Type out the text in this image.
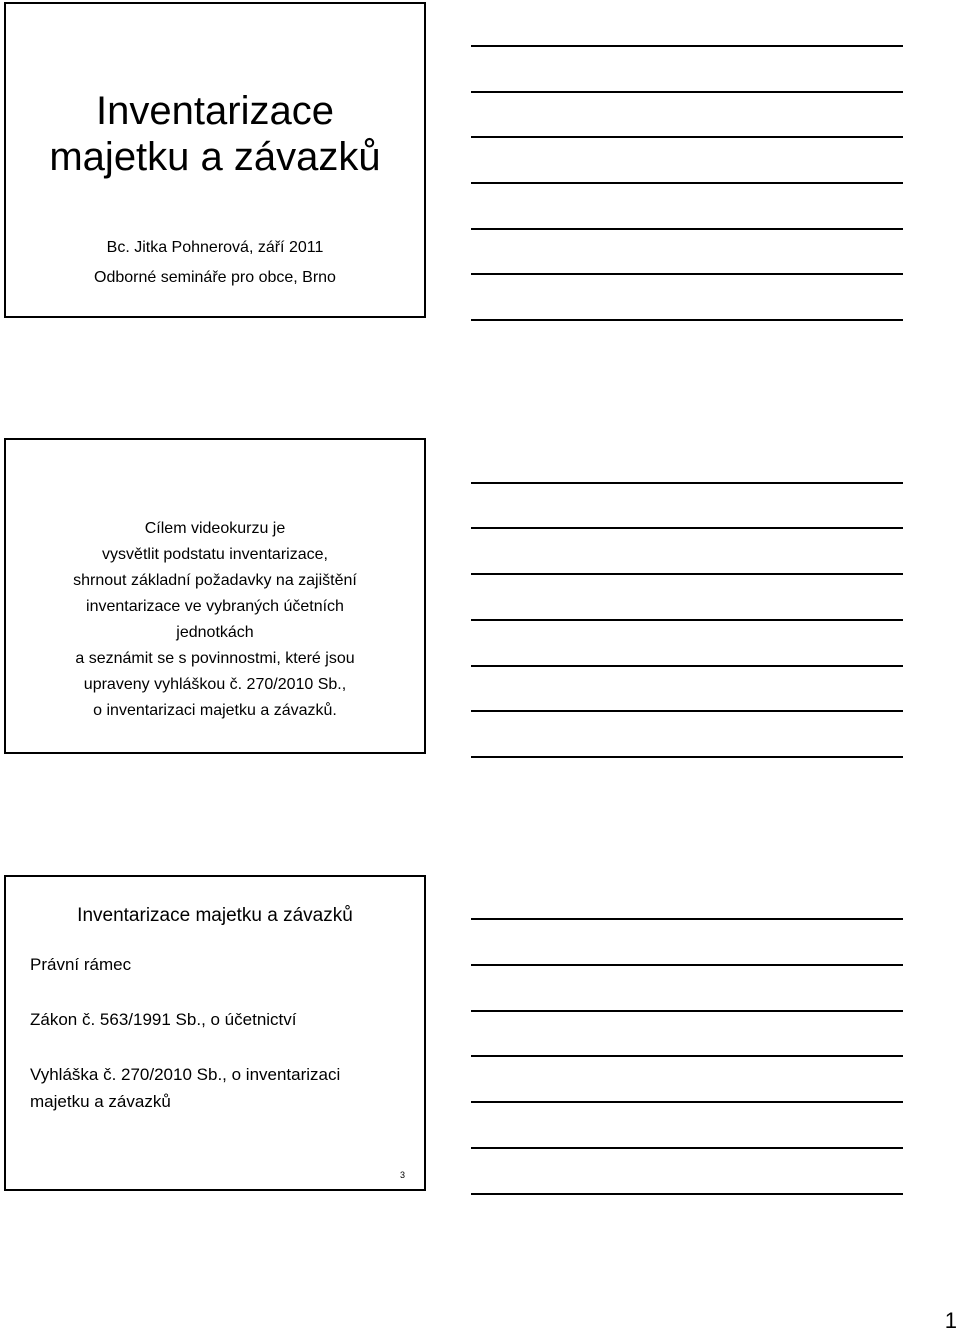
Inventarizace
majetku a závazků
Bc. Jitka Pohnerová, září 2011
Odborné semináře pro obce, Brno
Cílem videokurzu je
vysvětlit podstatu inventarizace,
shrnout základní požadavky na zajištění
inventarizace ve vybraných účetních
jednotkách
a seznámit se s povinnostmi, které jsou
upraveny vyhláškou č. 270/2010 Sb.,
o inventarizaci majetku a závazků.
Inventarizace majetku a závazků
Právní rámec
Zákon č. 563/1991 Sb., o účetnictví
Vyhláška č. 270/2010 Sb., o inventarizaci
majetku a závazků
3
1
